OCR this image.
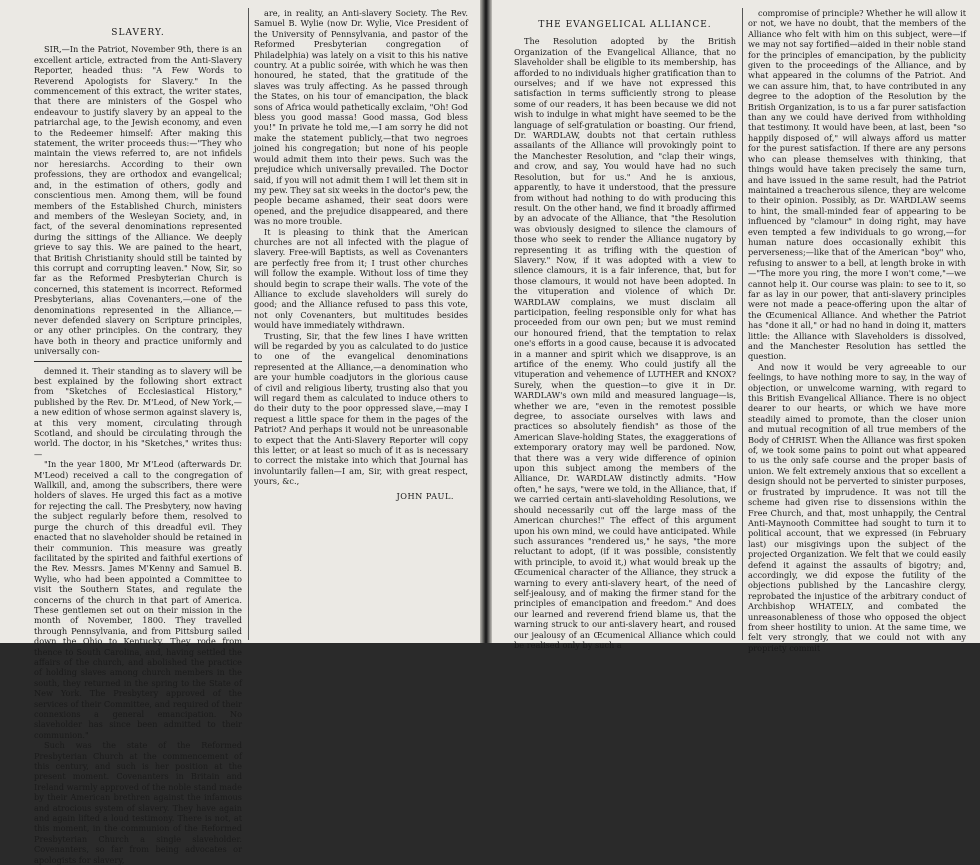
SLAVERY.

SIR,—In the Patriot, November 9th, there is an excellent article, extracted from the Anti-Slavery Reporter, headed thus: "A Few Words to Reverend Apologists for Slavery." In the commencement of this extract, the writer states, that there are ministers of the Gospel who endeavour to justify slavery by an appeal to the patriarchal age, to the Jewish economy, and even to the Redeemer himself: After making this statement, the writer proceeds thus:—"They who maintain the views referred to, are not infidels nor heresiarchs. According to their own professions, they are orthodox and evangelical; and, in the estimation of others, godly and conscientious men. Among them, will be found members of the Established Church, ministers and members of the Wesleyan Society, and, in fact, of the several denominations represented during the sittings of the Alliance. We deeply grieve to say this. We are pained to the heart, that British Christianity should still be tainted by this corrupt and corrupting leaven." Now, Sir, so far as the Reformed Presbyterian Church is concerned, this statement is incorrect. Reformed Presbyterians, alias Covenanters,—one of the denominations represented in the Alliance,—never defended slavery on Scripture principles, or any other principles. On the contrary, they have both in theory and practice uniformly and universally con-

demned it. Their standing as to slavery will be best explained by the following short extract from "Sketches of Ecclesiastical History," published by the Rev. Dr. M'Leod, of New York,—a new edition of whose sermon against slavery is, at this very moment, circulating through Scotland, and should be circulating through the world. The doctor, in his "Sketches," writes thus:—

"In the year 1800, Mr M'Leod (afterwards Dr. M'Leod) received a call to the congregation of Wallkill, and, among the subscribers, there were holders of slaves. He urged this fact as a motive for rejecting the call. The Presbytery, now having the subject regularly before them, resolved to purge the church of this dreadful evil. They enacted that no slaveholder should be retained in their communion. This measure was greatly facilitated by the spirited and faithful exertions of the Rev. Messrs. James M'Kenny and Samuel B. Wylie, who had been appointed a Committee to visit the Southern States, and regulate the concerns of the church in that part of America. These gentlemen set out on their mission in the month of November, 1800. They travelled through Pennsylvania, and from Pittsburg sailed down the Ohio to Kentucky. They rode from thence to South Carolina, and, having settled the affairs of the church, and abolished the practice of holding slaves among church members in the south, they returned in the spring to the State of New York. The Presbytery approved of the services of their Committee, and required of their connexions a general emancipation. No slaveholder has since been admitted to their communion."

Such was the state of the Reformed Presbyterian Church at the commencement of this century, and such is her position at the present moment. Covenanters in Britain and Ireland warmly approved of the noble stand made by their American brethren against the infamous and atrocious system of slavery. They have again and again lifted a loud testimony. There is not, at this moment, in the communion of the Reformed Presbyterian Church a single slaveholder. Covenanters, so far from being advocates or apologists for slavery,

are, in reality, an Anti-slavery Society. The Rev. Samuel B. Wylie (now Dr. Wylie, Vice President of the University of Pennsylvania, and pastor of the Reformed Presbyterian congregation of Philadelphia) was lately on a visit to this his native country. At a public soirée, with which he was then honoured, he stated, that the gratitude of the slaves was truly affecting. As he passed through the States, on his tour of emancipation, the black sons of Africa would pathetically exclaim, "Oh! God bless you good massa! Good massa, God bless you!" In private he told me,—I am sorry he did not make the statement publicly,—that two negroes joined his congregation; but none of his people would admit them into their pews. Such was the prejudice which universally prevailed. The Doctor said, if you will not admit them I will let them sit in my pew. They sat six weeks in the doctor's pew, the people became ashamed, their seat doors were opened, and the prejudice disappeared, and there was no more trouble.

It is pleasing to think that the American churches are not all infected with the plague of slavery. Free-will Baptists, as well as Covenanters are perfectly free from it; I trust other churches will follow the example. Without loss of time they should begin to scrape their walls. The vote of the Alliance to exclude slaveholders will surely do good; and the Alliance refused to pass this vote, not only Covenanters, but multitudes besides would have immediately withdrawn.

Trusting, Sir, that the few lines I have written will be regarded by you as calculated to do justice to one of the evangelical denominations represented at the Alliance,—a denomination who are your humble coadjutors in the glorious cause of civil and religious liberty, trusting also that you will regard them as calculated to induce others to do their duty to the poor oppressed slave,—may I request a little space for them in the pages of the Patriot? And perhaps it would not be unreasonable to expect that the Anti-Slavery Reporter will copy this letter, or at least so much of it as is necessary to correct the mistake into which that Journal has involuntarily fallen—I am, Sir, with great respect, yours, &c.,

JOHN PAUL.
THE EVANGELICAL ALLIANCE.

The Resolution adopted by the British Organization of the Evangelical Alliance, that no Slaveholder shall be eligible to its membership, has afforded to no individuals higher gratification than to ourselves; and if we have not expressed this satisfaction in terms sufficiently strong to please some of our readers, it has been because we did not wish to indulge in what might have seemed to be the language of self-gratulation or boasting. Our friend, Dr. WARDLAW, doubts not that certain ruthless assailants of the Alliance will provokingly point to the Manchester Resolution, and "clap their wings, and crow, and say, You would have had no such Resolution, but for us." And he is anxious, apparently, to have it understood, that the pressure from without had nothing to do with producing this result. On the other hand, we find it broadly affirmed by an advocate of the Alliance, that "the Resolution was obviously designed to silence the clamours of those who seek to render the Alliance nugatory by representing it as trifling with the question of Slavery." Now, if it was adopted with a view to silence clamours, it is a fair inference, that, but for those clamours, it would not have been adopted. In the vituperation and violence of which Dr. WARDLAW complains, we must disclaim all participation, feeling responsible only for what has proceeded from our own pen; but we must remind our honoured friend, that the temptation to relax one's efforts in a good cause, because it is advocated in a manner and spirit which we disapprove, is an artifice of the enemy. Who could justify all the vituperation and vehemence of LUTHER and KNOX? Surely, when the question—to give it in Dr. WARDLAW's own mild and measured language—is, whether we are, "even in the remotest possible degree, to associate ourselves with laws and practices so absolutely fiendish" as those of the American Slave-holding States, the exaggerations of extemporary oratory may well be pardoned. Now, that there was a very wide difference of opinion upon this subject among the members of the Alliance, Dr. WARDLAW distinctly admits. "How often," he says, "were we told, in the Alliance, that, if we carried certain anti-slaveholding Resolutions, we should necessarily cut off the large mass of the American churches!" The effect of this argument upon his own mind, we could have anticipated. While such assurances "rendered us," he says, "the more reluctant to adopt, (if it was possible, consistently with principle, to avoid it,) what would break up the Œcumenical character of the Alliance, they struck a warning to every anti-slavery heart, of the need of self-jealousy, and of making the firmer stand for the principles of emancipation and freedom." And does our learned and reverend friend blame us, that the warning struck to our anti-slavery heart, and roused our jealousy of an Œcumenical Alliance which could be realised only by such a

compromise of principle? Whether he will allow it or not, we have no doubt, that the members of the Alliance who felt with him on this subject, were—if we may not say fortified—aided in their noble stand for the principles of emancipation, by the publicity given to the proceedings of the Alliance, and by what appeared in the columns of the Patriot. And we can assure him, that, to have contributed in any degree to the adoption of the Resolution by the British Organization, is to us a far purer satisfaction than any we could have derived from withholding that testimony. It would have been, at last, been "so happily disposed of," will always afford us matter for the purest satisfaction. If there are any persons who can please themselves with thinking, that things would have taken precisely the same turn, and have issued in the same result, had the Patriot maintained a treacherous silence, they are welcome to their opinion. Possibly, as Dr. WARDLAW seems to hint, the small-minded fear of appearing to be influenced by "clamour" in doing right, may have even tempted a few individuals to go wrong,—for human nature does occasionally exhibit this perverseness;—like that of the American "boy" who, refusing to answer to a bell, at length broke in with—"The more you ring, the more I won't come,"—we cannot help it. Our course was plain: to see to it, so far as lay in our power, that anti-slavery principles were not made a peace-offering upon the altar of the Œcumenical Alliance. And whether the Patriot has "done it all," or had no hand in doing it, matters little: the Alliance with Slaveholders is dissolved, and the Manchester Resolution has settled the question.

And now it would be very agreeable to our feelings, to have nothing more to say, in the way of objection, or unwelcome warning, with regard to this British Evangelical Alliance. There is no object dearer to our hearts, or which we have more steadily aimed to promote, than the closer union and mutual recognition of all true members of the Body of CHRIST. When the Alliance was first spoken of, we took some pains to point out what appeared to us the only safe course and the proper basis of union. We felt extremely anxious that so excellent a design should not be perverted to sinister purposes, or frustrated by imprudence. It was not till the scheme had given rise to dissensions within the Free Church, and that, most unhappily, the Central Anti-Maynooth Committee had sought to turn it to political account, that we expressed (in February last) our misgivings upon the subject of the projected Organization. We felt that we could easily defend it against the assaults of bigotry; and, accordingly, we did expose the futility of the objections published by the Lancashire clergy, reprobated the injustice of the arbitrary conduct of Archbishop WHATELY, and combated the unreasonableness of those who opposed the object from sheer hostility to union. At the same time, we felt very strongly, that we could not with any propriety commit
